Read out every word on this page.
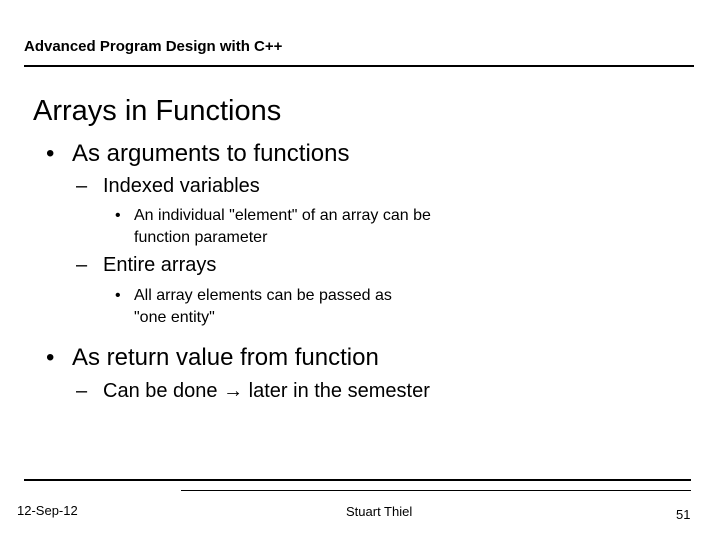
Advanced Program Design with C++
Arrays in Functions
• As arguments to functions
– Indexed variables
• An individual "element" of an array can be
function parameter
– Entire arrays
• All array elements can be passed as
"one entity"
• As return value from function
– Can be done → later in the semester
12-Sep-12	Stuart Thiel	51
